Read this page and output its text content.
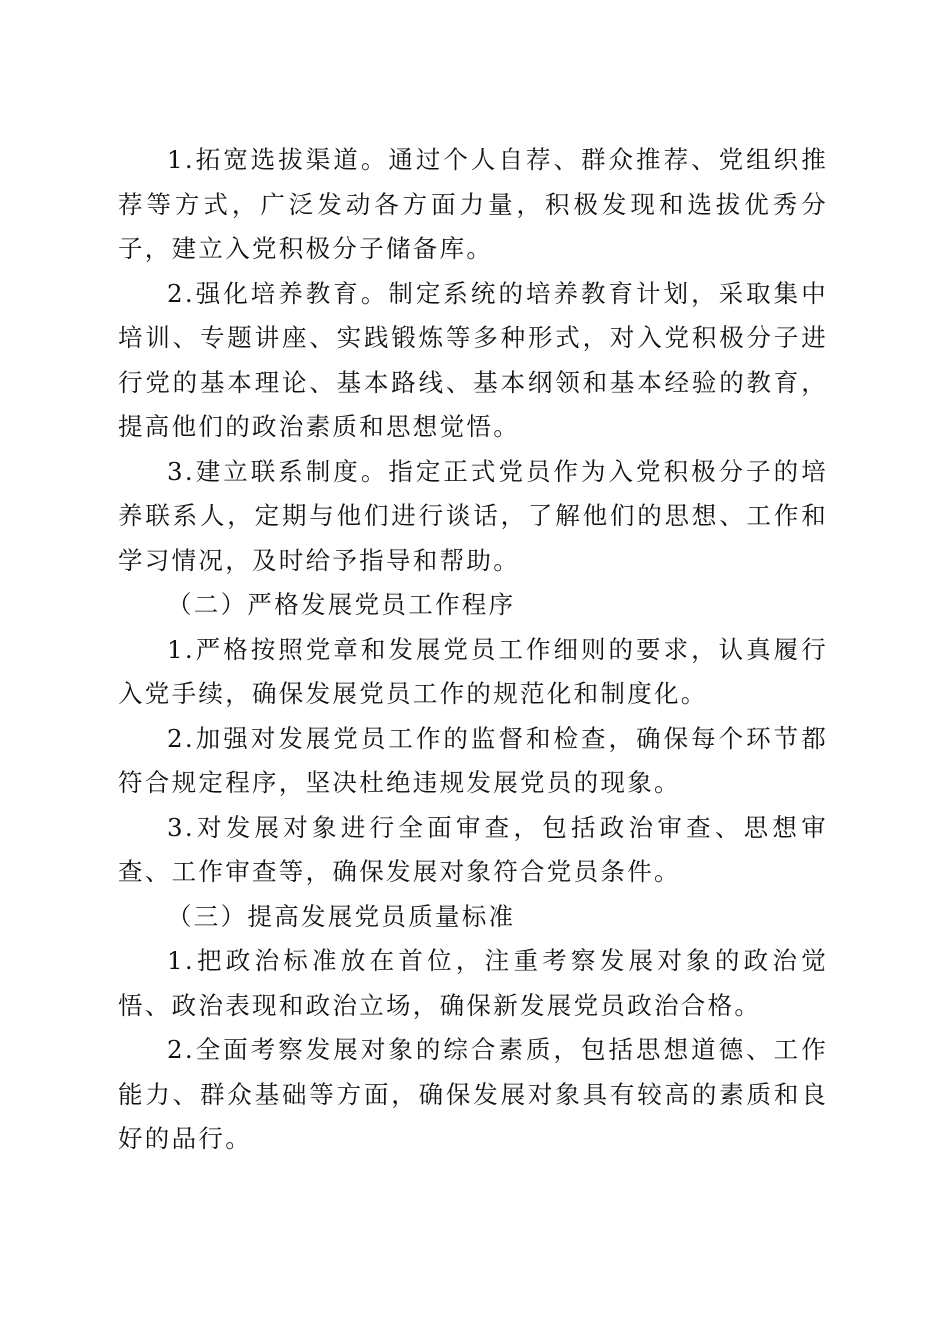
1.拓宽选拔渠道。通过个人自荐、群众推荐、党组织推荐等方式，广泛发动各方面力量，积极发现和选拔优秀分子，建立入党积极分子储备库。

2.强化培养教育。制定系统的培养教育计划，采取集中培训、专题讲座、实践锻炼等多种形式，对入党积极分子进行党的基本理论、基本路线、基本纲领和基本经验的教育，提高他们的政治素质和思想觉悟。

3.建立联系制度。指定正式党员作为入党积极分子的培养联系人，定期与他们进行谈话，了解他们的思想、工作和学习情况，及时给予指导和帮助。

（二）严格发展党员工作程序

1.严格按照党章和发展党员工作细则的要求，认真履行入党手续，确保发展党员工作的规范化和制度化。

2.加强对发展党员工作的监督和检查，确保每个环节都符合规定程序，坚决杜绝违规发展党员的现象。

3.对发展对象进行全面审查，包括政治审查、思想审查、工作审查等，确保发展对象符合党员条件。

（三）提高发展党员质量标准

1.把政治标准放在首位，注重考察发展对象的政治觉悟、政治表现和政治立场，确保新发展党员政治合格。

2.全面考察发展对象的综合素质，包括思想道德、工作能力、群众基础等方面，确保发展对象具有较高的素质和良好的品行。
